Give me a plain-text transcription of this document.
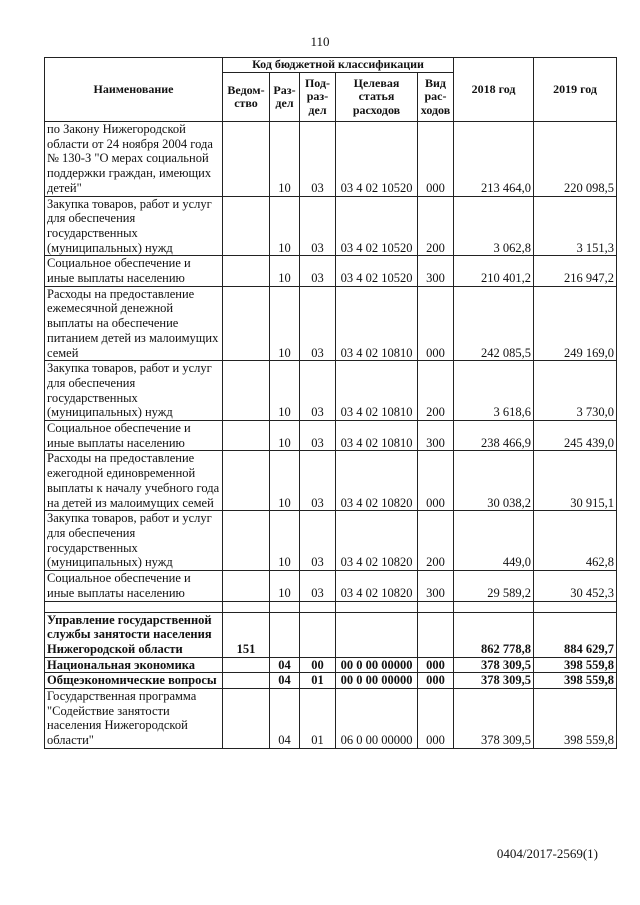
110
Наименование	Код бюджетной классификации					2018 год	2019 год
	Ведом-ство	Раз-дел	Под-раз-дел	Целевая статья расходов	Вид рас-ходов		
по Закону Нижегородской области от 24 ноября 2004 года № 130-З "О мерах социальной поддержки граждан, имеющих детей"		10	03	03 4 02 10520	000	213 464,0	220 098,5
Закупка товаров, работ и услуг для обеспечения государственных (муниципальных) нужд		10	03	03 4 02 10520	200	3 062,8	3 151,3
Социальное обеспечение и иные выплаты населению		10	03	03 4 02 10520	300	210 401,2	216 947,2
Расходы на предоставление ежемесячной денежной выплаты на обеспечение питанием детей из малоимущих семей		10	03	03 4 02 10810	000	242 085,5	249 169,0
Закупка товаров, работ и услуг для обеспечения государственных (муниципальных) нужд		10	03	03 4 02 10810	200	3 618,6	3 730,0
Социальное обеспечение и иные выплаты населению		10	03	03 4 02 10810	300	238 466,9	245 439,0
Расходы на предоставление ежегодной единовременной выплаты к началу учебного года на детей из малоимущих семей		10	03	03 4 02 10820	000	30 038,2	30 915,1
Закупка товаров, работ и услуг для обеспечения государственных (муниципальных) нужд		10	03	03 4 02 10820	200	449,0	462,8
Социальное обеспечение и иные выплаты населению		10	03	03 4 02 10820	300	29 589,2	30 452,3

Управление государственной службы занятости населения Нижегородской области	151					862 778,8	884 629,7
Национальная экономика		04	00	00 0 00 00000	000	378 309,5	398 559,8
Общеэкономические вопросы		04	01	00 0 00 00000	000	378 309,5	398 559,8
Государственная программа "Содействие занятости населения Нижегородской области"		04	01	06 0 00 00000	000	378 309,5	398 559,8
0404/2017-2569(1)
